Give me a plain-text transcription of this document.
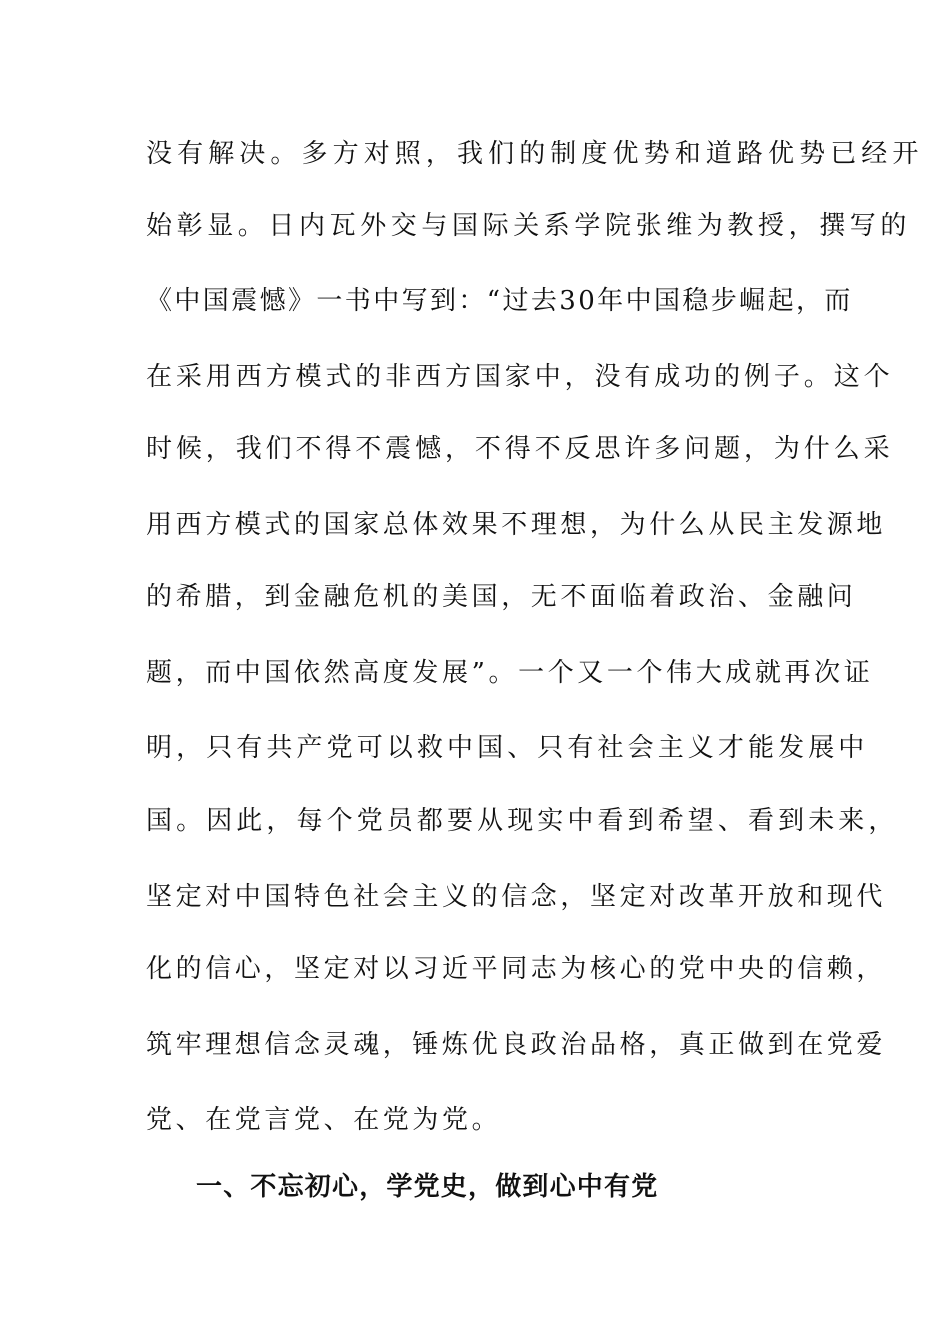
没有解决。多方对照，我们的制度优势和道路优势已经开
始彰显。日内瓦外交与国际关系学院张维为教授，撰写的
《中国震憾》一书中写到：“过去30年中国稳步崛起，而
在采用西方模式的非西方国家中，没有成功的例子。这个
时候，我们不得不震憾，不得不反思许多问题，为什么采
用西方模式的国家总体效果不理想，为什么从民主发源地
的希腊，到金融危机的美国，无不面临着政治、金融问
题，而中国依然高度发展”。一个又一个伟大成就再次证
明，只有共产党可以救中国、只有社会主义才能发展中
国。因此，每个党员都要从现实中看到希望、看到未来，
坚定对中国特色社会主义的信念，坚定对改革开放和现代
化的信心，坚定对以习近平同志为核心的党中央的信赖，
筑牢理想信念灵魂，锤炼优良政治品格，真正做到在党爱
党、在党言党、在党为党。
一、不忘初心，学党史，做到心中有党
